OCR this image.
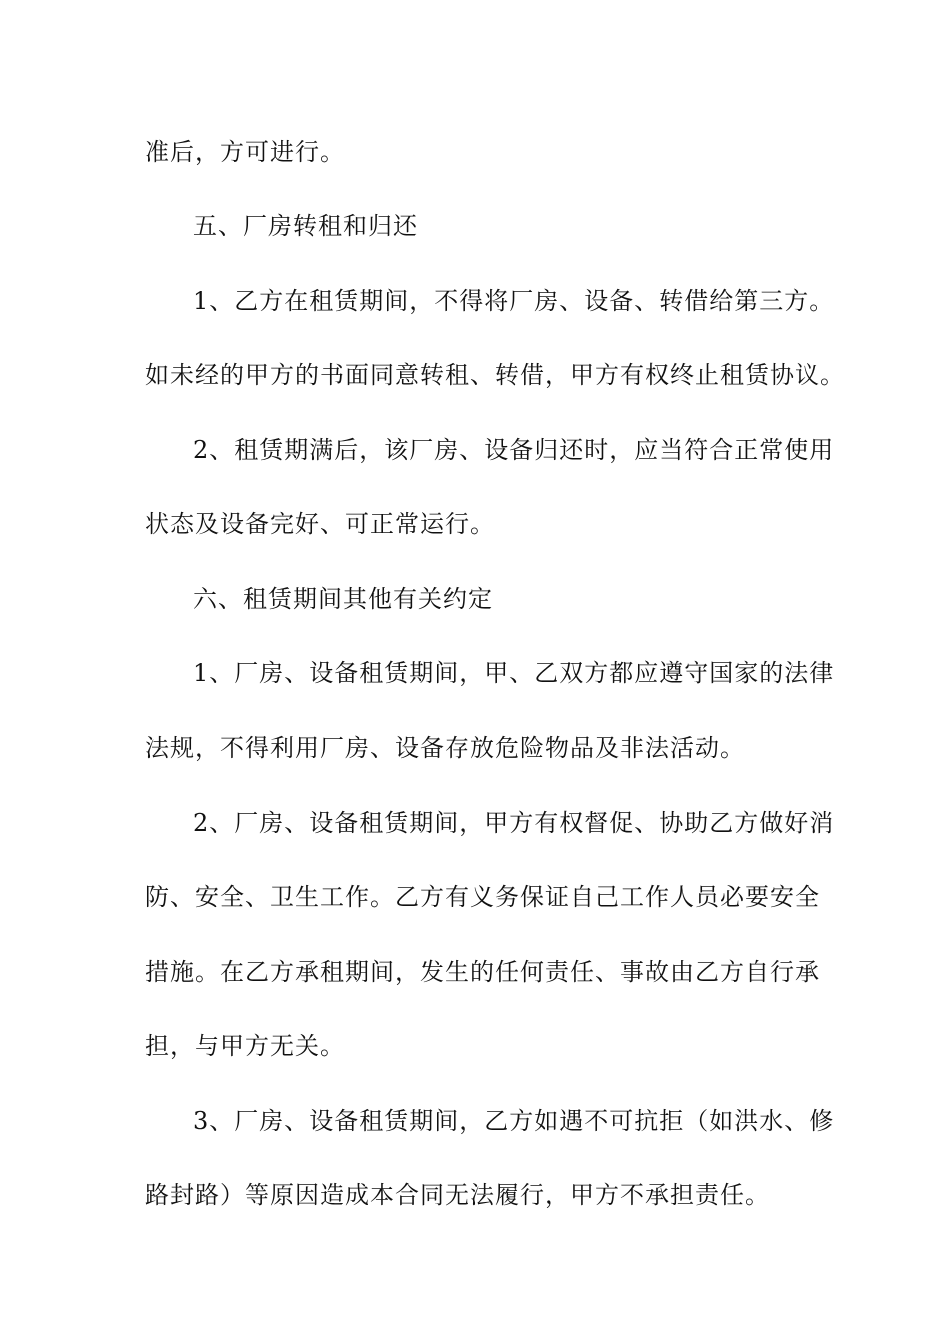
准后，方可进行。
五、厂房转租和归还
1、乙方在租赁期间，不得将厂房、设备、转借给第三方。
如未经的甲方的书面同意转租、转借，甲方有权终止租赁协议。
2、租赁期满后，该厂房、设备归还时，应当符合正常使用
状态及设备完好、可正常运行。
六、租赁期间其他有关约定
1、厂房、设备租赁期间，甲、乙双方都应遵守国家的法律
法规，不得利用厂房、设备存放危险物品及非法活动。
2、厂房、设备租赁期间，甲方有权督促、协助乙方做好消
防、安全、卫生工作。乙方有义务保证自己工作人员必要安全
措施。在乙方承租期间，发生的任何责任、事故由乙方自行承
担，与甲方无关。
3、厂房、设备租赁期间，乙方如遇不可抗拒（如洪水、修
路封路）等原因造成本合同无法履行，甲方不承担责任。
